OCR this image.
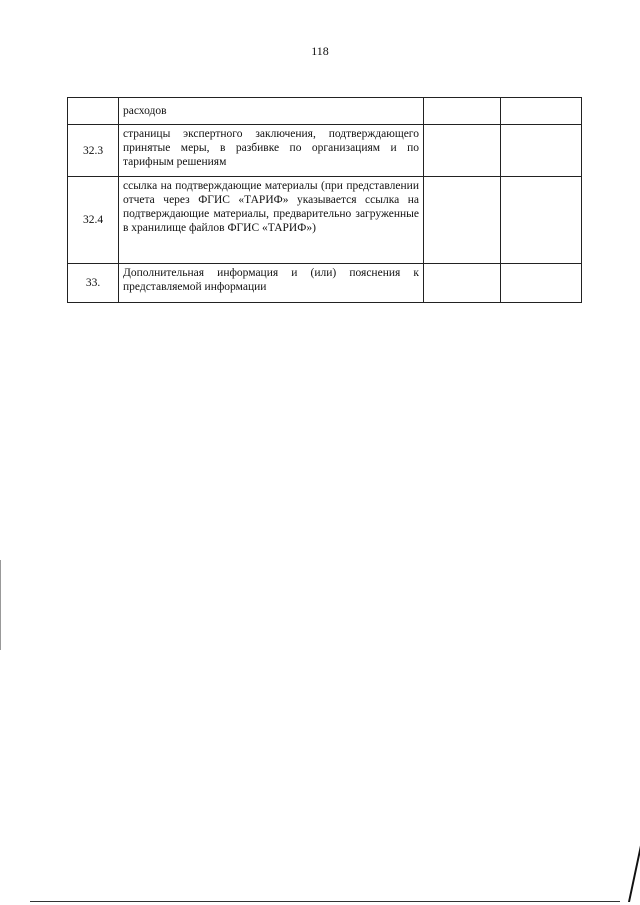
118
	расходов		
32.3	страницы экспертного заключения, подтверждающего принятые меры, в разбивке по организациям и по тарифным решениям		
32.4	ссылка на подтверждающие материалы (при представлении отчета через ФГИС «ТАРИФ» указывается ссылка на подтверждающие материалы, предварительно загруженные в хранилище файлов ФГИС «ТАРИФ»)		
33.	Дополнительная информация и (или) пояснения к представляемой информации		
